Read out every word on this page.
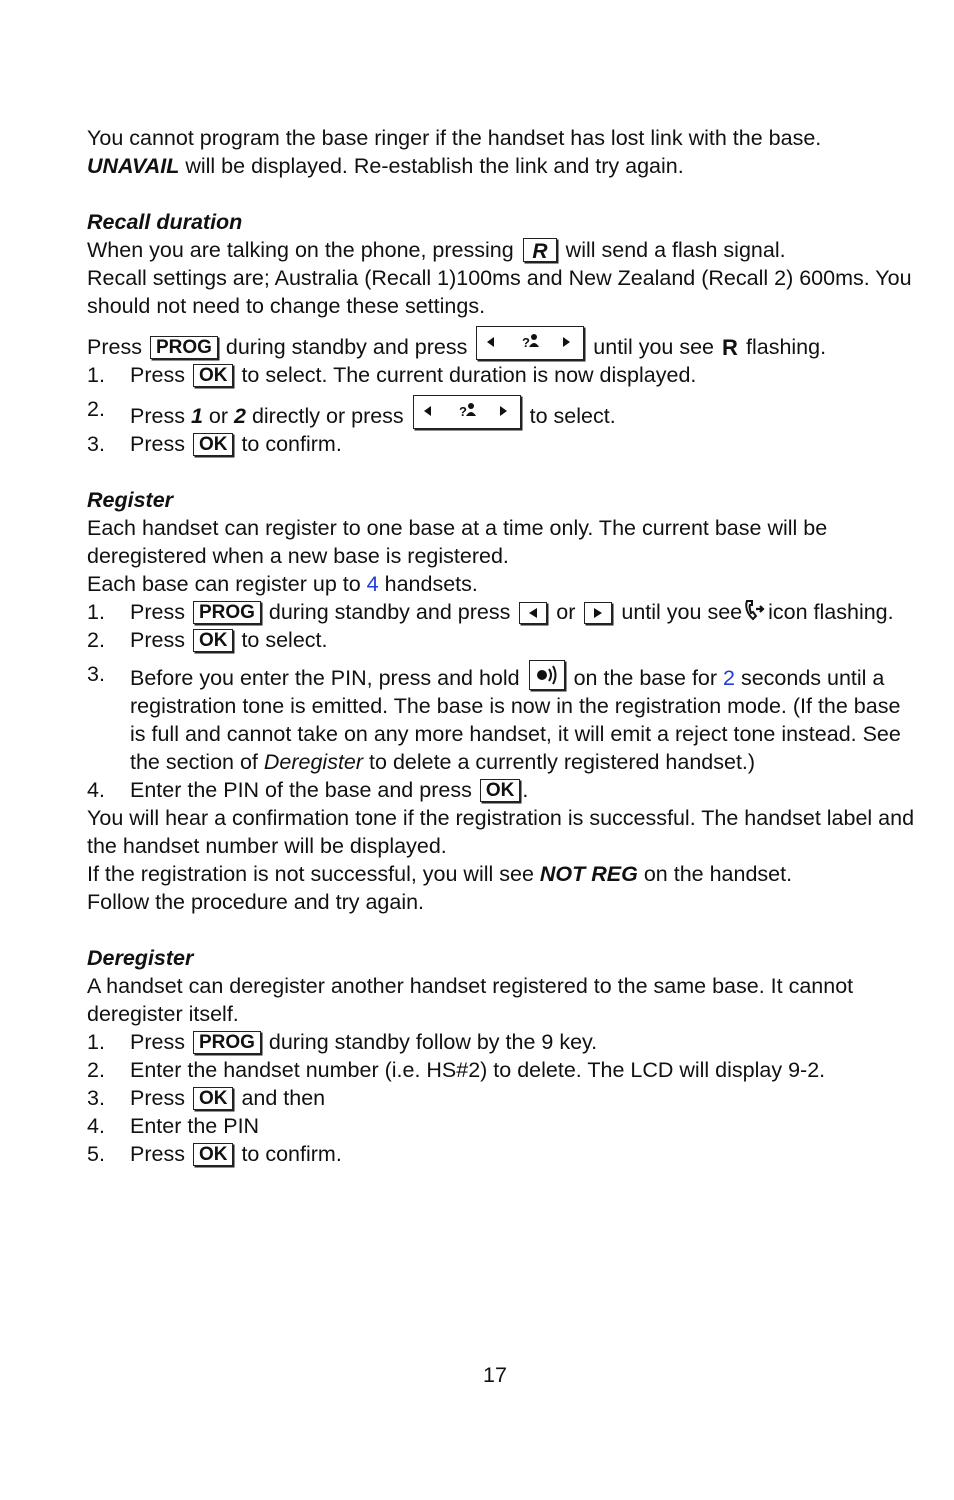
You cannot program the base ringer if the handset has lost link with the base.

UNAVAIL will be displayed. Re-establish the link and try again.

Recall duration

When you are talking on the phone, pressing R will send a flash signal.

Recall settings are; Australia (Recall 1)100ms and New Zealand (Recall 2) 600ms. You should not need to change these settings.

Press PROG during standby and press	?	until you see R flashing.

1. Press OK to select. The current duration is now displayed.
2. Press 1 or 2 directly or press	?	to select.
3. Press OK to confirm.
Register

Each handset can register to one base at a time only. The current base will be deregistered when a new base is registered.

Each base can register up to 4 handsets.

1. Press PROG during standby and press or until you see icon flashing.
2. Press OK to select.
3. Before you enter the PIN, press and hold	on the base for 2 seconds until a registration tone is emitted. The base is now in the registration mode. (If the base is full and cannot take on any more handset, it will emit a reject tone instead. See the section of Deregister to delete a currently registered handset.)
4. Enter the PIN of the base and press OK .

You will hear a confirmation tone if the registration is successful. The handset label and the handset number will be displayed.

If the registration is not successful, you will see NOT REG on the handset.

Follow the procedure and try again.

Deregister

A handset can deregister another handset registered to the same base. It cannot deregister itself.

1. Press PROG during standby follow by the 9 key.
2. Enter the handset number (i.e. HS#2) to delete. The LCD will display 9-2.
3. Press OK and then
4. Enter the PIN
5. Press OK to confirm.
17
